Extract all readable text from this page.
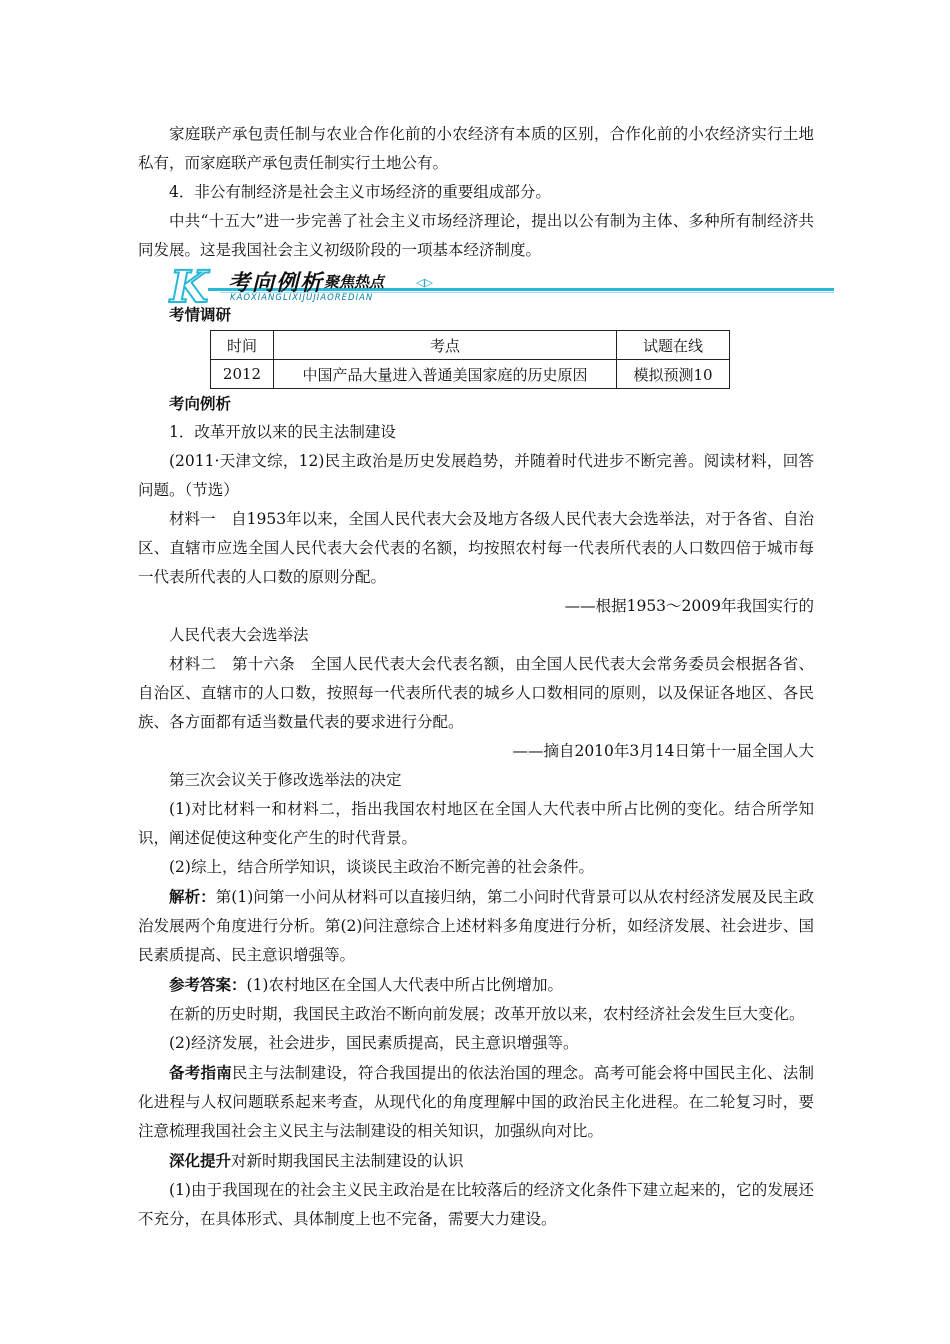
家庭联产承包责任制与农业合作化前的小农经济有本质的区别，合作化前的小农经济实行土地私有，而家庭联产承包责任制实行土地公有。

4．非公有制经济是社会主义市场经济的重要组成部分。

中共“十五大”进一步完善了社会主义市场经济理论，提出以公有制为主体、多种所有制经济共同发展。这是我国社会主义初级阶段的一项基本经济制度。

K 考向例析 聚焦热点	◁▷
KAOXIANGLIXIJUJIAOREDIAN

考情调研

时间	考点	试题在线
2012	中国产品大量进入普通美国家庭的历史原因	模拟预测10

考向例析

1．改革开放以来的民主法制建设

(2011·天津文综，12)民主政治是历史发展趋势，并随着时代进步不断完善。阅读材料，回答问题。（节选）

材料一　自1953年以来，全国人民代表大会及地方各级人民代表大会选举法，对于各省、自治区、直辖市应选全国人民代表大会代表的名额，均按照农村每一代表所代表的人口数四倍于城市每一代表所代表的人口数的原则分配。

——根据1953～2009年我国实行的

人民代表大会选举法

材料二　第十六条　全国人民代表大会代表名额，由全国人民代表大会常务委员会根据各省、自治区、直辖市的人口数，按照每一代表所代表的城乡人口数相同的原则，以及保证各地区、各民族、各方面都有适当数量代表的要求进行分配。

——摘自2010年3月14日第十一届全国人大

第三次会议关于修改选举法的决定

(1)对比材料一和材料二，指出我国农村地区在全国人大代表中所占比例的变化。结合所学知识，阐述促使这种变化产生的时代背景。

(2)综上，结合所学知识，谈谈民主政治不断完善的社会条件。

解析：第(1)问第一小问从材料可以直接归纳，第二小问时代背景可以从农村经济发展及民主政治发展两个角度进行分析。第(2)问注意综合上述材料多角度进行分析，如经济发展、社会进步、国民素质提高、民主意识增强等。

参考答案：(1)农村地区在全国人大代表中所占比例增加。

在新的历史时期，我国民主政治不断向前发展；改革开放以来，农村经济社会发生巨大变化。

(2)经济发展，社会进步，国民素质提高，民主意识增强等。

备考指南民主与法制建设，符合我国提出的依法治国的理念。高考可能会将中国民主化、法制化进程与人权问题联系起来考查，从现代化的角度理解中国的政治民主化进程。在二轮复习时，要注意梳理我国社会主义民主与法制建设的相关知识，加强纵向对比。

深化提升对新时期我国民主法制建设的认识

(1)由于我国现在的社会主义民主政治是在比较落后的经济文化条件下建立起来的，它的发展还不充分，在具体形式、具体制度上也不完备，需要大力建设。
